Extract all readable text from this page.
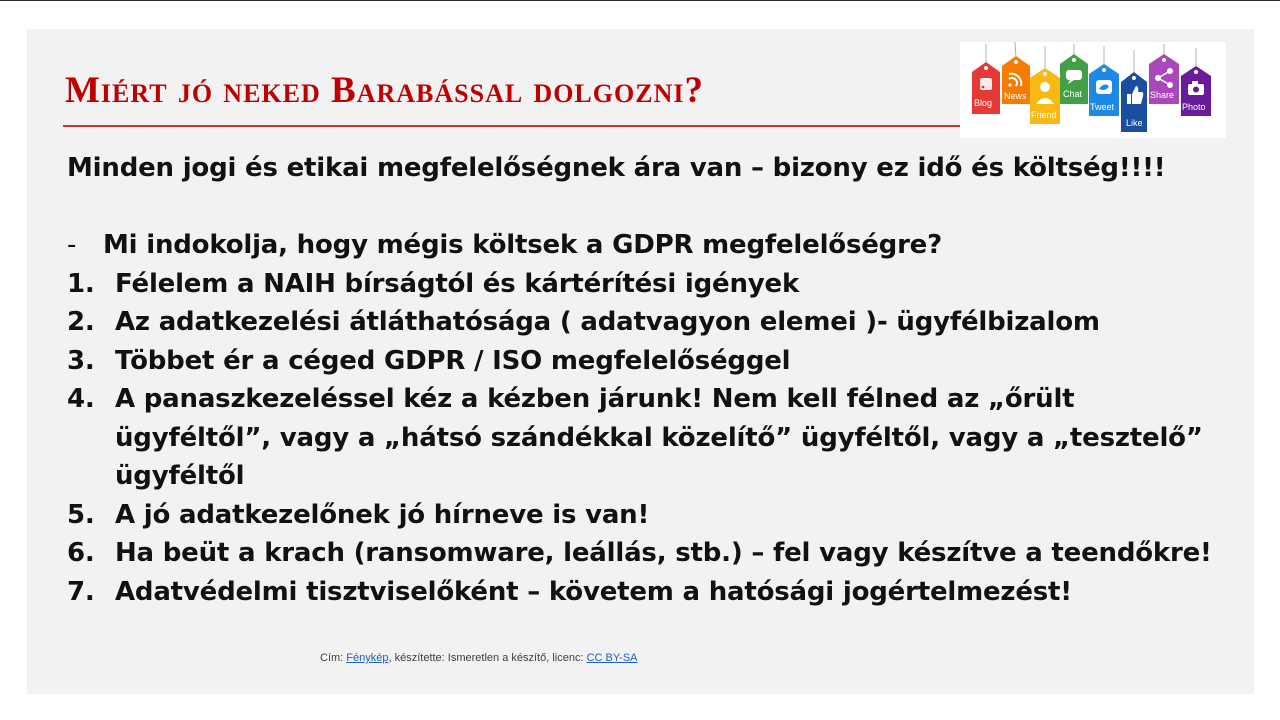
Miért jó neked Barabással dolgozni?	Blog
News
Friend
Chat
Tweet
Like
Share
Photo

Minden jogi és etikai megfelelőségnek ára van – bizony ez idő és költség!!!!

- Mi indokolja, hogy mégis költsek a GDPR megfelelőségre?
1. Félelem a NAIH bírságtól és kártérítési igények
2. Az adatkezelési átláthatósága ( adatvagyon elemei )- ügyfélbizalom
3. Többet ér a céged GDPR / ISO megfelelőséggel
4. A panaszkezeléssel kéz a kézben járunk! Nem kell félned az „őrült ügyféltől”, vagy a „hátsó szándékkal közelítő” ügyféltől, vagy a „tesztelő” ügyféltől
5. A jó adatkezelőnek jó hírneve is van!
6. Ha beüt a krach (ransomware, leállás, stb.) – fel vagy készítve a teendőkre!
7. Adatvédelmi tisztviselőként – követem a hatósági jogértelmezést!
Cím: Fénykép, készítette: Ismeretlen a készítő, licenc: CC BY-SA
